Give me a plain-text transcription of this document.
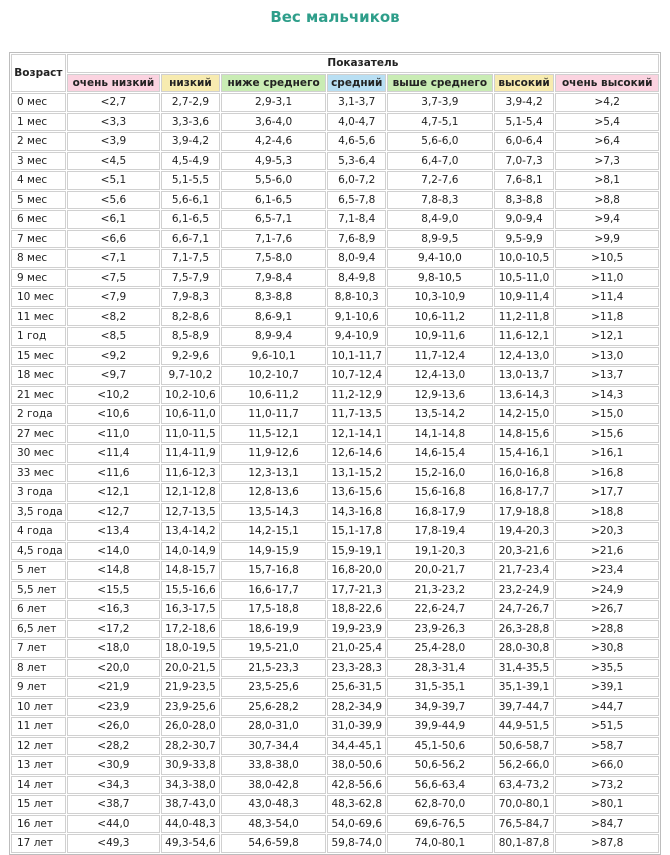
Вес мальчиков
Возраст	Показатель						
	очень низкий	низкий	ниже среднего	средний	выше среднего	высокий	очень высокий
0 мес	<2,7	2,7-2,9	2,9-3,1	3,1-3,7	3,7-3,9	3,9-4,2	>4,2
1 мес	<3,3	3,3-3,6	3,6-4,0	4,0-4,7	4,7-5,1	5,1-5,4	>5,4
2 мес	<3,9	3,9-4,2	4,2-4,6	4,6-5,6	5,6-6,0	6,0-6,4	>6,4
3 мес	<4,5	4,5-4,9	4,9-5,3	5,3-6,4	6,4-7,0	7,0-7,3	>7,3
4 мес	<5,1	5,1-5,5	5,5-6,0	6,0-7,2	7,2-7,6	7,6-8,1	>8,1
5 мес	<5,6	5,6-6,1	6,1-6,5	6,5-7,8	7,8-8,3	8,3-8,8	>8,8
6 мес	<6,1	6,1-6,5	6,5-7,1	7,1-8,4	8,4-9,0	9,0-9,4	>9,4
7 мес	<6,6	6,6-7,1	7,1-7,6	7,6-8,9	8,9-9,5	9,5-9,9	>9,9
8 мес	<7,1	7,1-7,5	7,5-8,0	8,0-9,4	9,4-10,0	10,0-10,5	>10,5
9 мес	<7,5	7,5-7,9	7,9-8,4	8,4-9,8	9,8-10,5	10,5-11,0	>11,0
10 мес	<7,9	7,9-8,3	8,3-8,8	8,8-10,3	10,3-10,9	10,9-11,4	>11,4
11 мес	<8,2	8,2-8,6	8,6-9,1	9,1-10,6	10,6-11,2	11,2-11,8	>11,8
1 год	<8,5	8,5-8,9	8,9-9,4	9,4-10,9	10,9-11,6	11,6-12,1	>12,1
15 мес	<9,2	9,2-9,6	9,6-10,1	10,1-11,7	11,7-12,4	12,4-13,0	>13,0
18 мес	<9,7	9,7-10,2	10,2-10,7	10,7-12,4	12,4-13,0	13,0-13,7	>13,7
21 мес	<10,2	10,2-10,6	10,6-11,2	11,2-12,9	12,9-13,6	13,6-14,3	>14,3
2 года	<10,6	10,6-11,0	11,0-11,7	11,7-13,5	13,5-14,2	14,2-15,0	>15,0
27 мес	<11,0	11,0-11,5	11,5-12,1	12,1-14,1	14,1-14,8	14,8-15,6	>15,6
30 мес	<11,4	11,4-11,9	11,9-12,6	12,6-14,6	14,6-15,4	15,4-16,1	>16,1
33 мес	<11,6	11,6-12,3	12,3-13,1	13,1-15,2	15,2-16,0	16,0-16,8	>16,8
3 года	<12,1	12,1-12,8	12,8-13,6	13,6-15,6	15,6-16,8	16,8-17,7	>17,7
3,5 года	<12,7	12,7-13,5	13,5-14,3	14,3-16,8	16,8-17,9	17,9-18,8	>18,8
4 года	<13,4	13,4-14,2	14,2-15,1	15,1-17,8	17,8-19,4	19,4-20,3	>20,3
4,5 года	<14,0	14,0-14,9	14,9-15,9	15,9-19,1	19,1-20,3	20,3-21,6	>21,6
5 лет	<14,8	14,8-15,7	15,7-16,8	16,8-20,0	20,0-21,7	21,7-23,4	>23,4
5,5 лет	<15,5	15,5-16,6	16,6-17,7	17,7-21,3	21,3-23,2	23,2-24,9	>24,9
6 лет	<16,3	16,3-17,5	17,5-18,8	18,8-22,6	22,6-24,7	24,7-26,7	>26,7
6,5 лет	<17,2	17,2-18,6	18,6-19,9	19,9-23,9	23,9-26,3	26,3-28,8	>28,8
7 лет	<18,0	18,0-19,5	19,5-21,0	21,0-25,4	25,4-28,0	28,0-30,8	>30,8
8 лет	<20,0	20,0-21,5	21,5-23,3	23,3-28,3	28,3-31,4	31,4-35,5	>35,5
9 лет	<21,9	21,9-23,5	23,5-25,6	25,6-31,5	31,5-35,1	35,1-39,1	>39,1
10 лет	<23,9	23,9-25,6	25,6-28,2	28,2-34,9	34,9-39,7	39,7-44,7	>44,7
11 лет	<26,0	26,0-28,0	28,0-31,0	31,0-39,9	39,9-44,9	44,9-51,5	>51,5
12 лет	<28,2	28,2-30,7	30,7-34,4	34,4-45,1	45,1-50,6	50,6-58,7	>58,7
13 лет	<30,9	30,9-33,8	33,8-38,0	38,0-50,6	50,6-56,2	56,2-66,0	>66,0
14 лет	<34,3	34,3-38,0	38,0-42,8	42,8-56,6	56,6-63,4	63,4-73,2	>73,2
15 лет	<38,7	38,7-43,0	43,0-48,3	48,3-62,8	62,8-70,0	70,0-80,1	>80,1
16 лет	<44,0	44,0-48,3	48,3-54,0	54,0-69,6	69,6-76,5	76,5-84,7	>84,7
17 лет	<49,3	49,3-54,6	54,6-59,8	59,8-74,0	74,0-80,1	80,1-87,8	>87,8
